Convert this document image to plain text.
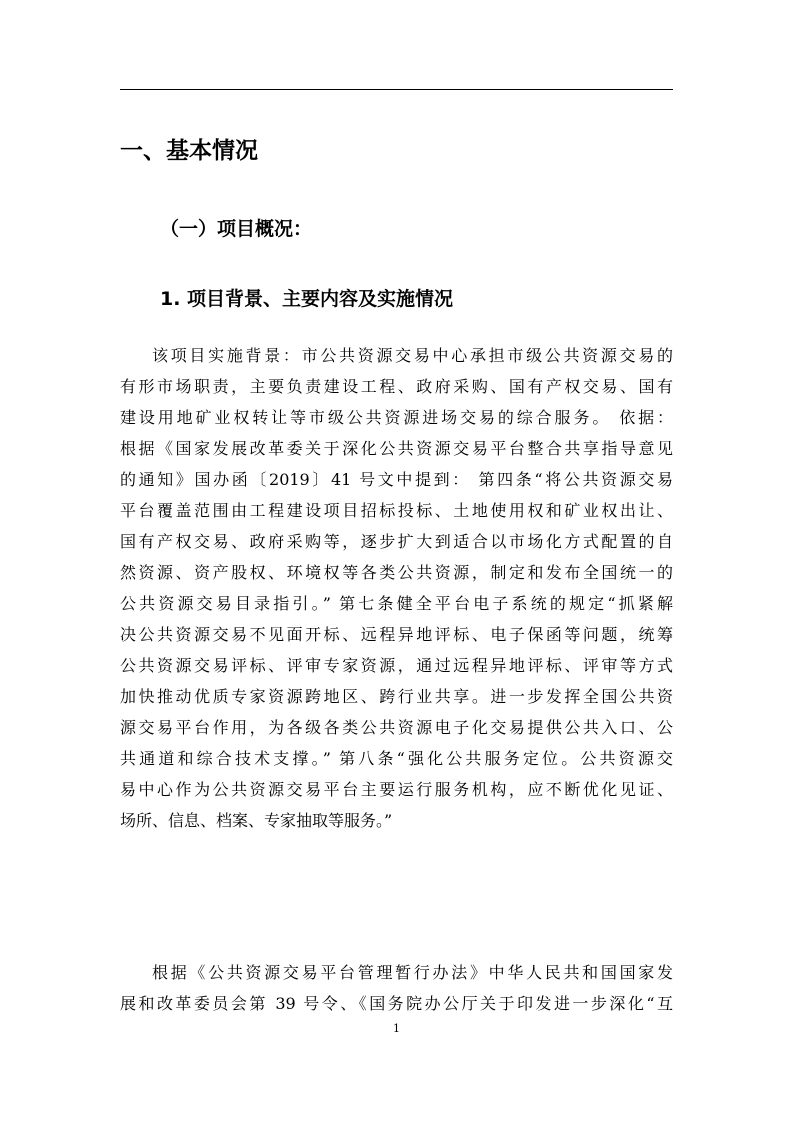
一、基本情况
（一）项目概况：
1. 项目背景、主要内容及实施情况
该项目实施背景：市公共资源交易中心承担市级公共资源交易的
有形市场职责，主要负责建设工程、政府采购、国有产权交易、国有
建设用地矿业权转让等市级公共资源进场交易的综合服务。 依据：
根据《国家发展改革委关于深化公共资源交易平台整合共享指导意见
的通知》国办函〔2019〕41 号文中提到： 第四条“将公共资源交易
平台覆盖范围由工程建设项目招标投标、土地使用权和矿业权出让、
国有产权交易、政府采购等，逐步扩大到适合以市场化方式配置的自
然资源、资产股权、环境权等各类公共资源，制定和发布全国统一的
公共资源交易目录指引。” 第七条健全平台电子系统的规定“抓紧解
决公共资源交易不见面开标、远程异地评标、电子保函等问题，统筹
公共资源交易评标、评审专家资源，通过远程异地评标、评审等方式
加快推动优质专家资源跨地区、跨行业共享。进一步发挥全国公共资
源交易平台作用，为各级各类公共资源电子化交易提供公共入口、公
共通道和综合技术支撑。” 第八条“强化公共服务定位。公共资源交
易中心作为公共资源交易平台主要运行服务机构，应不断优化见证、
场所、信息、档案、专家抽取等服务。”
根据《公共资源交易平台管理暂行办法》中华人民共和国国家发
展和改革委员会第 39 号令、《国务院办公厅关于印发进一步深化“互
1
